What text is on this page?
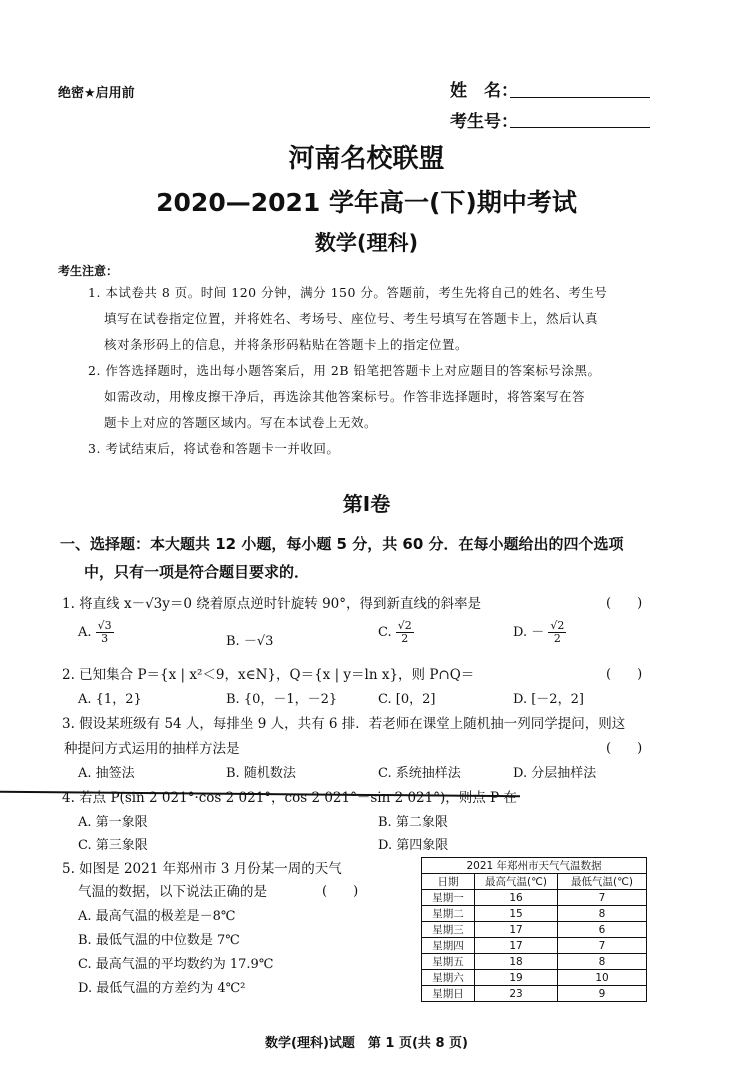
绝密★启用前	姓　名：
考生号：
河南名校联盟
2020—2021 学年高一(下)期中考试
数学(理科)
考生注意：
1. 本试卷共 8 页。时间 120 分钟，满分 150 分。答题前，考生先将自己的姓名、考生号
填写在试卷指定位置，并将姓名、考场号、座位号、考生号填写在答题卡上，然后认真
核对条形码上的信息，并将条形码粘贴在答题卡上的指定位置。
2. 作答选择题时，选出每小题答案后，用 2B 铅笔把答题卡上对应题目的答案标号涂黑。
如需改动，用橡皮擦干净后，再选涂其他答案标号。作答非选择题时，将答案写在答
题卡上对应的答题区域内。写在本试卷上无效。
3. 考试结束后，将试卷和答题卡一并收回。
第Ⅰ卷
一、选择题：本大题共 12 小题，每小题 5 分，共 60 分．在每小题给出的四个选项
中，只有一项是符合题目要求的．
1. 将直线 x－√3y＝0 绕着原点逆时针旋转 90°，得到新直线的斜率是	(　　)
A. $\frac{√3}{3}$	B. －√3
C. $\frac{√2}{2}$	D. － $\frac{√2}{2}$
2. 已知集合 P＝{x | x²＜9，x∈N}，Q＝{x | y＝ln x}，则 P∩Q＝	(　　)
A. {1，2}	B. {0，－1，－2}	C. [0，2]	D. [－2，2]
3. 假设某班级有 54 人，每排坐 9 人，共有 6 排．若老师在课堂上随机抽一列同学提问，则这
种提问方式运用的抽样方法是	(　　)
A. 抽签法	B. 随机数法	C. 系统抽样法	D. 分层抽样法
4. 若点 P(sin 2 021°·cos 2 021°，cos 2 021°－sin 2 021°)，则点 P 在
A. 第一象限	B. 第二象限
C. 第三象限	D. 第四象限
5. 如图是 2021 年郑州市 3 月份某一周的天气
气温的数据，以下说法正确的是	(　　)
A. 最高气温的极差是－8℃
B. 最低气温的中位数是 7℃
C. 最高气温的平均数约为 17.9℃
D. 最低气温的方差约为 4℃²
2021 年郑州市天气气温数据		
日期	最高气温(℃)	最低气温(℃)
星期一	16	7
星期二	15	8
星期三	17	6
星期四	17	7
星期五	18	8
星期六	19	10
星期日	23	9
数学(理科)试题　第 1 页(共 8 页)
